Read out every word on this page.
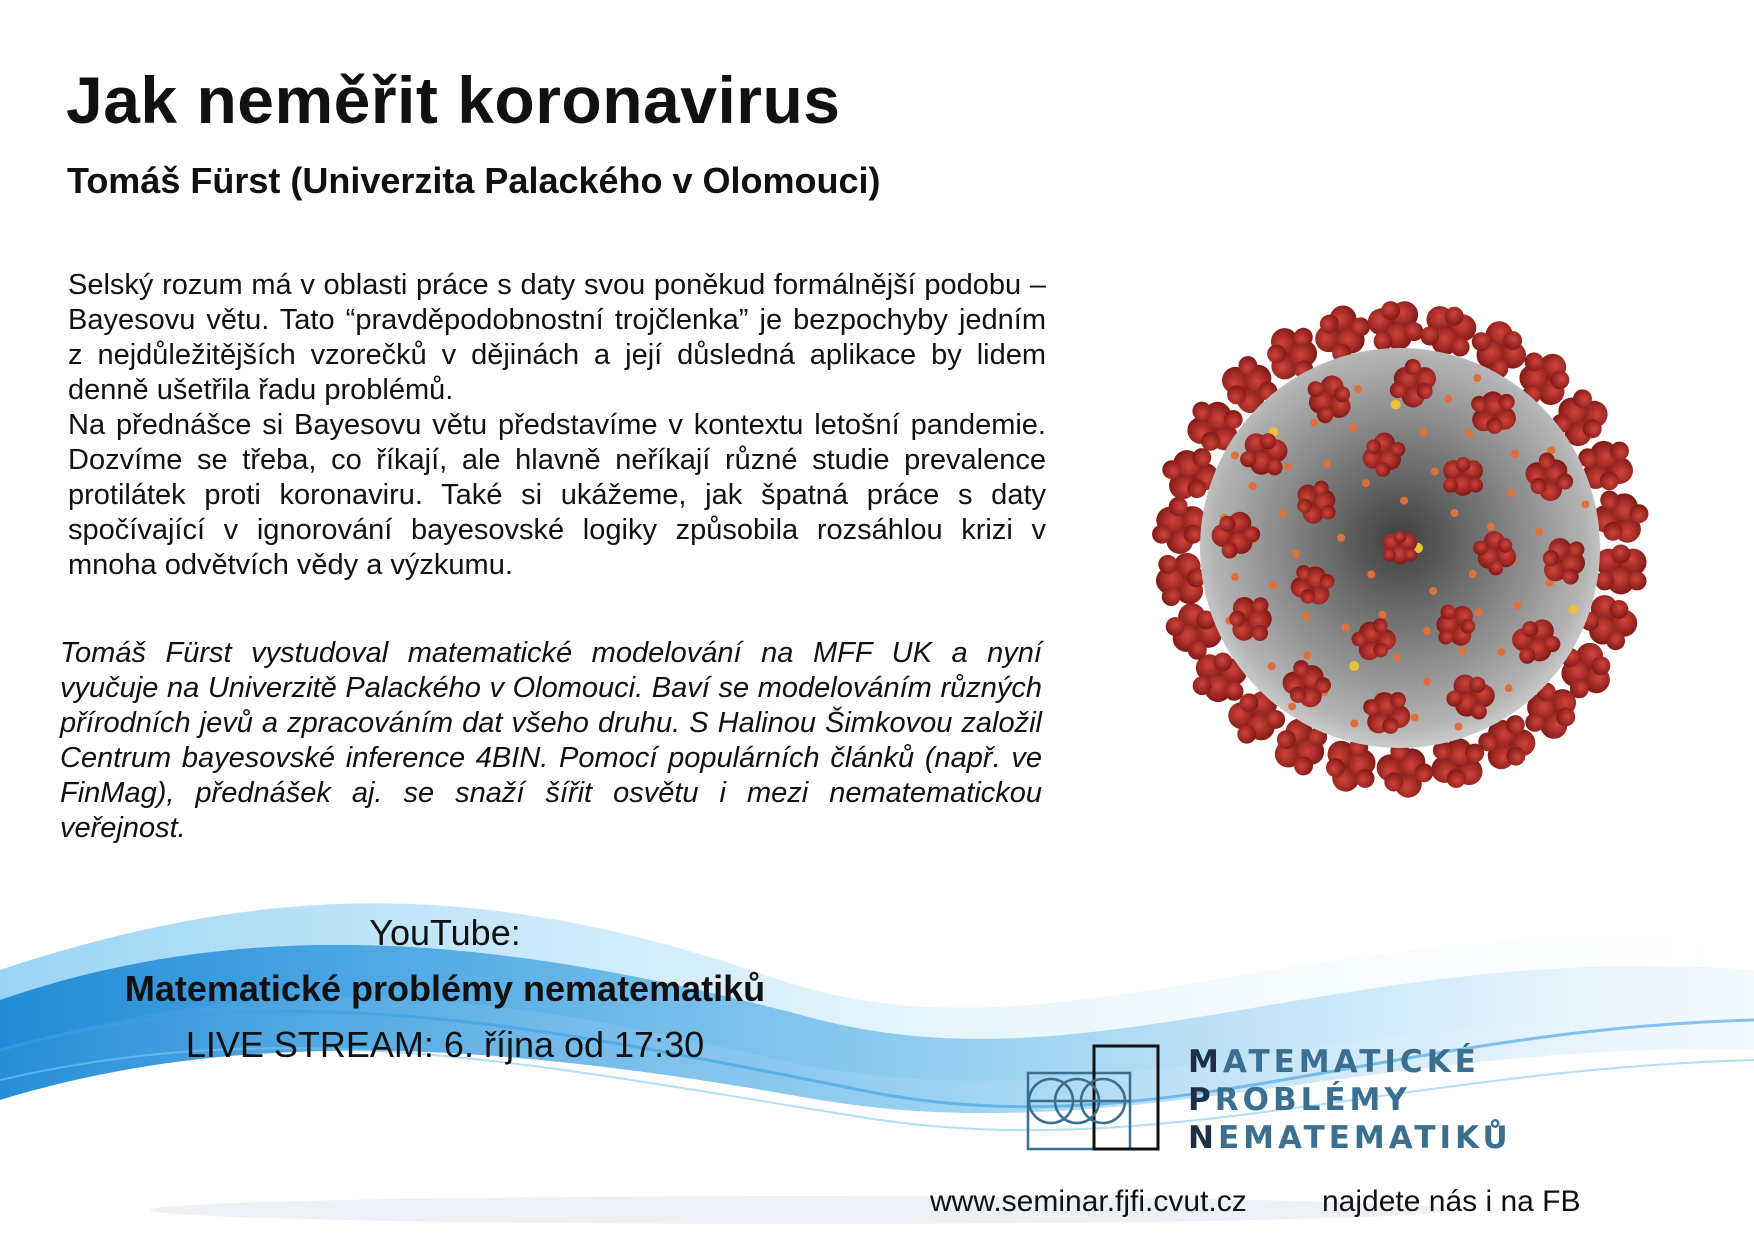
Jak neměřit koronavirus
Tomáš Fürst (Univerzita Palackého v Olomouci)

Selský rozum má v oblasti práce s daty svou poněkud formálnější podobu – Bayesovu větu. Tato “pravděpodobnostní trojčlenka” je bezpochyby jedním z nejdůležitějších vzorečků v dějinách a její důsledná aplikace by lidem denně ušetřila řadu problémů.

Na přednášce si Bayesovu větu představíme v kontextu letošní pandemie. Dozvíme se třeba, co říkají, ale hlavně neříkají různé studie prevalence protilátek proti koronaviru. Také si ukážeme, jak špatná práce s daty spočívající v ignorování bayesovské logiky způsobila rozsáhlou krizi v mnoha odvětvích vědy a výzkumu.

Tomáš Fürst vystudoval matematické modelování na MFF UK a nyní vyučuje na Univerzitě Palackého v Olomouci. Baví se modelováním různých přírodních jevů a zpracováním dat všeho druhu. S Halinou Šimkovou založil Centrum bayesovské inference 4BIN. Pomocí populárních článků (např. ve FinMag), přednášek aj. se snaží šířit osvětu i mezi nematematickou veřejnost.

YouTube:
Matematické problémy nematematiků
LIVE STREAM: 6. října od 17:30	MATEMATICKÉ
PROBLÉMY
NEMATEMATIKŮ
www.seminar.fjfi.cvut.cz	najdete nás i na FB
